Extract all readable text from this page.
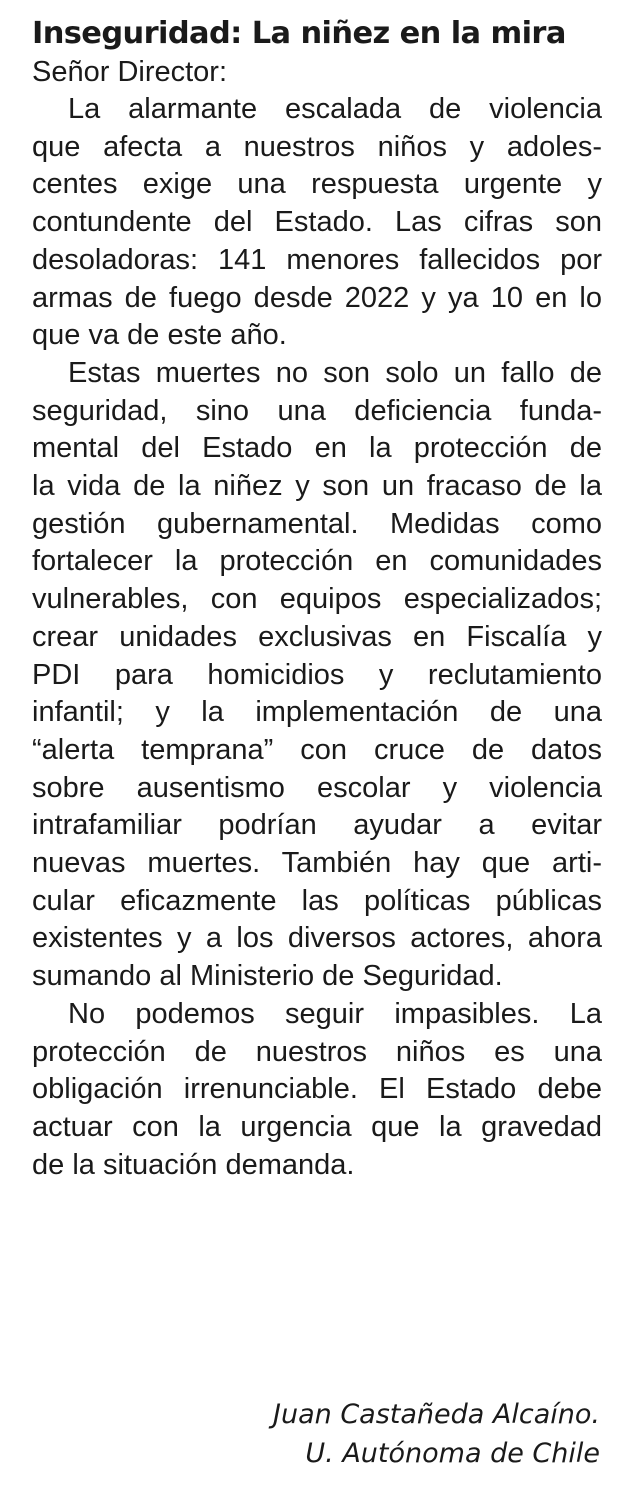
Inseguridad: La niñez en la mira

Señor Director:

La alarmante escalada de violencia
que afecta a nuestros niños y adoles-
centes exige una respuesta urgente y
contundente del Estado. Las cifras son
desoladoras: 141 menores fallecidos por
armas de fuego desde 2022 y ya 10 en lo
que va de este año.

Estas muertes no son solo un fallo de
seguridad, sino una deficiencia funda-
mental del Estado en la protección de
la vida de la niñez y son un fracaso de la
gestión gubernamental. Medidas como
fortalecer la protección en comunidades
vulnerables, con equipos especializados;
crear unidades exclusivas en Fiscalía y
PDI para homicidios y reclutamiento
infantil; y la implementación de una
“alerta temprana” con cruce de datos
sobre ausentismo escolar y violencia
intrafamiliar podrían ayudar a evitar
nuevas muertes. También hay que arti-
cular eficazmente las políticas públicas
existentes y a los diversos actores, ahora
sumando al Ministerio de Seguridad.

No podemos seguir impasibles. La
protección de nuestros niños es una
obligación irrenunciable. El Estado debe
actuar con la urgencia que la gravedad
de la situación demanda.

Juan Castañeda Alcaíno.
U. Autónoma de Chile
